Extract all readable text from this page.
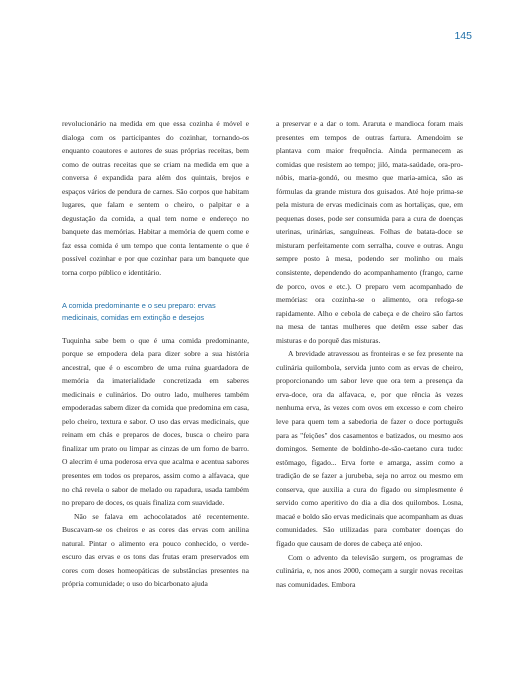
145

revolucionário na medida em que essa cozinha é móvel e dialoga com os participantes do cozinhar, tornando-os enquanto coautores e autores de suas próprias receitas, bem como de outras receitas que se criam na medida em que a conversa é expandida para além dos quintais, brejos e espaços vários de pendura de carnes. São corpos que habitam lugares, que falam e sentem o cheiro, o palpitar e a degustação da comida, a qual tem nome e endereço no banquete das memórias. Habitar a memória de quem come e faz essa comida é um tempo que conta lentamente o que é possível cozinhar e por que cozinhar para um banquete que torna corpo público e identitário.

A comida predominante e o seu preparo: ervas medicinais, comidas em extinção e desejos

Tuquinha sabe bem o que é uma comida predominante, porque se empodera dela para dizer sobre a sua história ancestral, que é o escombro de uma ruína guardadora de memória da imaterialidade concretizada em saberes medicinais e culinários. Do outro lado, mulheres também empoderadas sabem dizer da comida que predomina em casa, pelo cheiro, textura e sabor. O uso das ervas medicinais, que reinam em chás e preparos de doces, busca o cheiro para finalizar um prato ou limpar as cinzas de um forno de barro. O alecrim é uma poderosa erva que acalma e acentua sabores presentes em todos os preparos, assim como a alfavaca, que no chá revela o sabor de melado ou rapadura, usada também no preparo de doces, os quais finaliza com suavidade.

Não se falava em achocolatados até recentemente. Buscavam-se os cheiros e as cores das ervas com anilina natural. Pintar o alimento era pouco conhecido, o verde-escuro das ervas e os tons das frutas eram preservados em cores com doses homeopáticas de substâncias presentes na própria comunidade; o uso do bicarbonato ajuda

a preservar e a dar o tom. Araruta e mandioca foram mais presentes em tempos de outras fartura. Amendoim se plantava com maior frequência. Ainda permanecem as comidas que resistem ao tempo; jiló, mata-saúdade, ora-pro-nóbis, maria-gondó, ou mesmo que maria-amica, são as fórmulas da grande mistura dos guisados. Até hoje prima-se pela mistura de ervas medicinais com as hortaliças, que, em pequenas doses, pode ser consumida para a cura de doenças uterinas, urinárias, sanguíneas. Folhas de batata-doce se misturam perfeitamente com serralha, couve e outras. Angu sempre posto à mesa, podendo ser molinho ou mais consistente, dependendo do acompanhamento (frango, carne de porco, ovos e etc.). O preparo vem acompanhado de memórias: ora cozinha-se o alimento, ora refoga-se rapidamente. Alho e cebola de cabeça e de cheiro são fartos na mesa de tantas mulheres que detêm esse saber das misturas e do porquê das misturas.

A brevidade atravessou as fronteiras e se fez presente na culinária quilombola, servida junto com as ervas de cheiro, proporcionando um sabor leve que ora tem a presença da erva-doce, ora da alfavaca, e, por que rência às vezes nenhuma erva, às vezes com ovos em excesso e com cheiro leve para quem tem a sabedoria de fazer o doce português para as "feições" dos casamentos e batizados, ou mesmo aos domingos. Semente de boldinho-de-são-caetano cura tudo: estômago, fígado... Erva forte e amarga, assim como a tradição de se fazer a jurubeba, seja no arroz ou mesmo em conserva, que auxilia a cura do fígado ou simplesmente é servido como aperitivo do dia a dia dos quilombos. Losna, macaé e boldo são ervas medicinais que acompanham as duas comunidades. São utilizadas para combater doenças do fígado que causam de dores de cabeça até enjoo.

Com o advento da televisão surgem, os programas de culinária, e, nos anos 2000, começam a surgir novas receitas nas comunidades. Embora
